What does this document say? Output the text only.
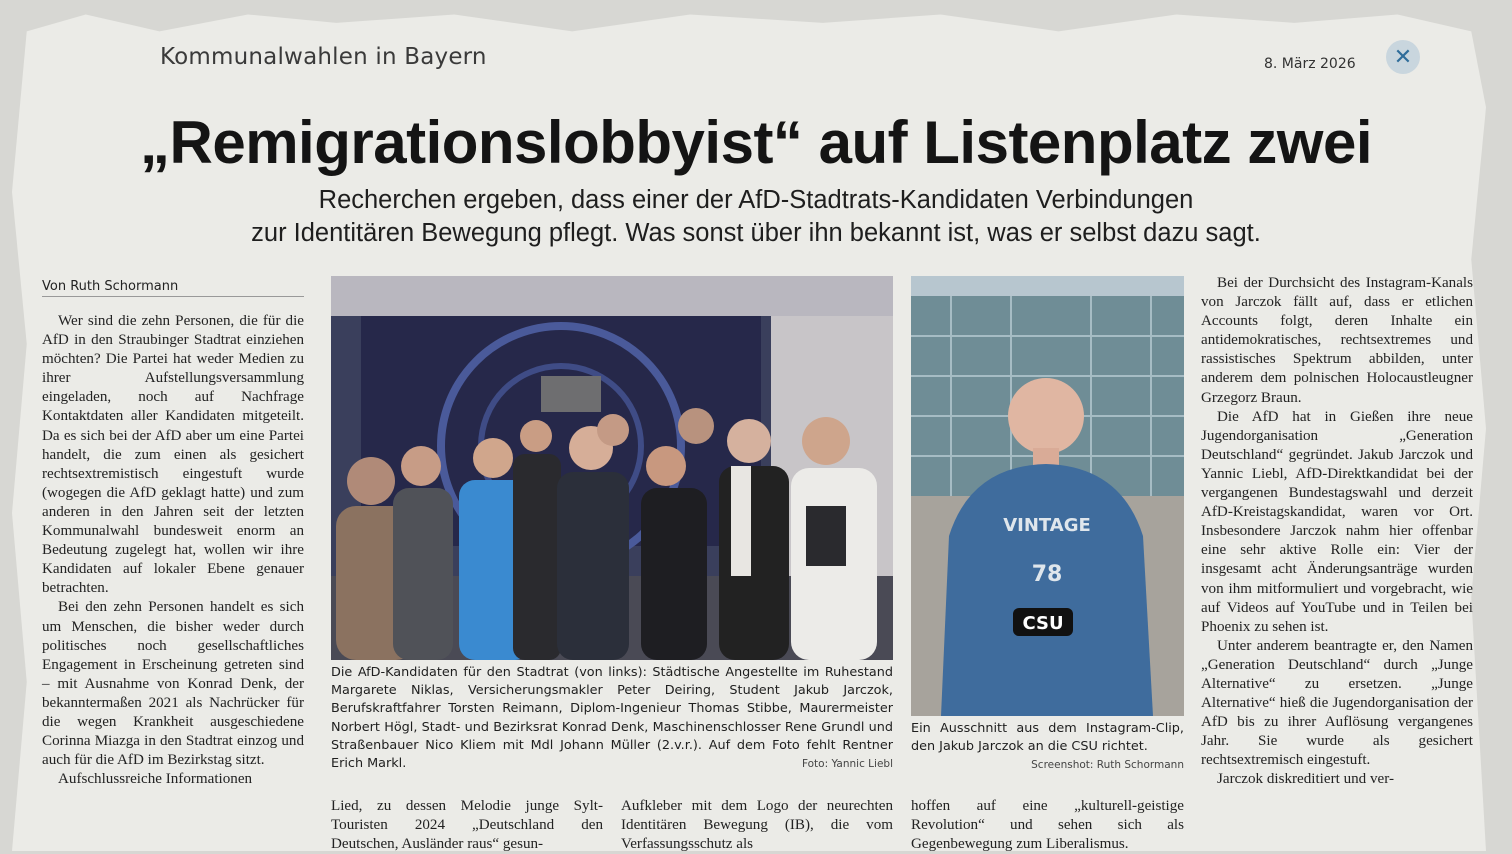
Kommunalwahlen in Bayern	8. März 2026	✕
„Remigrationslobbyist“ auf Listenplatz zwei
Recherchen ergeben, dass einer der AfD-Stadtrats-Kandidaten Verbindungen
zur Identitären Bewegung pflegt. Was sonst über ihn bekannt ist, was er selbst dazu sagt.
Von Ruth Schormann

Wer sind die zehn Personen, die für die AfD in den Straubinger Stadtrat einziehen möchten? Die Partei hat weder Medien zu ihrer Aufstellungsversammlung eingeladen, noch auf Nachfrage Kontaktdaten aller Kandidaten mitgeteilt. Da es sich bei der AfD aber um eine Partei handelt, die zum einen als gesichert rechtsextremistisch eingestuft wurde (wogegen die AfD geklagt hatte) und zum anderen in den Jahren seit der letzten Kommunalwahl bundesweit enorm an Bedeutung zugelegt hat, wollen wir ihre Kandidaten auf lokaler Ebene genauer betrachten.

Bei den zehn Personen handelt es sich um Menschen, die bisher weder durch politisches noch gesellschaftliches Engagement in Erscheinung getreten sind – mit Ausnahme von Konrad Denk, der bekanntermaßen 2021 als Nachrücker für die wegen Krankheit ausgeschiedene Corinna Miazga in den Stadtrat einzog und auch für die AfD im Bezirkstag sitzt.

Aufschlussreiche Informationen

Die AfD-Kandidaten für den Stadtrat (von links): Städtische Angestellte im Ruhestand Margarete Niklas, Versicherungsmakler Peter Deiring, Student Jakub Jarczok, Berufskraftfahrer Torsten Reimann, Diplom-Ingenieur Thomas Stibbe, Maurermeister Norbert Högl, Stadt- und Bezirksrat Konrad Denk, Maschinenschlosser Rene Grundl und Straßenbauer Nico Kliem mit Mdl Johann Müller (2.v.r.). Auf dem Foto fehlt Rentner Erich Markl.	Foto: Yannic Liebl
VINTAGE
78
CSU
Ein Ausschnitt aus dem Instagram-Clip, den Jakub Jarczok an die CSU richtet.
Screenshot: Ruth Schormann

Lied, zu dessen Melodie junge Sylt-Touristen 2024 „Deutschland den Deutschen, Ausländer raus“ gesun-

Aufkleber mit dem Logo der neurechten Identitären Bewegung (IB), die vom Verfassungsschutz als

hoffen auf eine „kulturell-geistige Revolution“ und sehen sich als Gegenbewegung zum Liberalismus.

Bei der Durchsicht des Instagram-Kanals von Jarczok fällt auf, dass er etlichen Accounts folgt, deren Inhalte ein antidemokratisches, rechtsextremes und rassistisches Spektrum abbilden, unter anderem dem polnischen Holocaustleugner Grzegorz Braun.

Die AfD hat in Gießen ihre neue Jugendorganisation „Generation Deutschland“ gegründet. Jakub Jarczok und Yannic Liebl, AfD-Direktkandidat bei der vergangenen Bundestagswahl und derzeit AfD-Kreistagskandidat, waren vor Ort. Insbesondere Jarczok nahm hier offenbar eine sehr aktive Rolle ein: Vier der insgesamt acht Änderungsanträge wurden von ihm mitformuliert und vorgebracht, wie auf Videos auf YouTube und in Teilen bei Phoenix zu sehen ist.

Unter anderem beantragte er, den Namen „Generation Deutschland“ durch „Junge Alternative“ zu ersetzen. „Junge Alternative“ hieß die Jugendorganisation der AfD bis zu ihrer Auflösung vergangenes Jahr. Sie wurde als gesichert rechtsextremisch eingestuft.

Jarczok diskreditiert und ver-
